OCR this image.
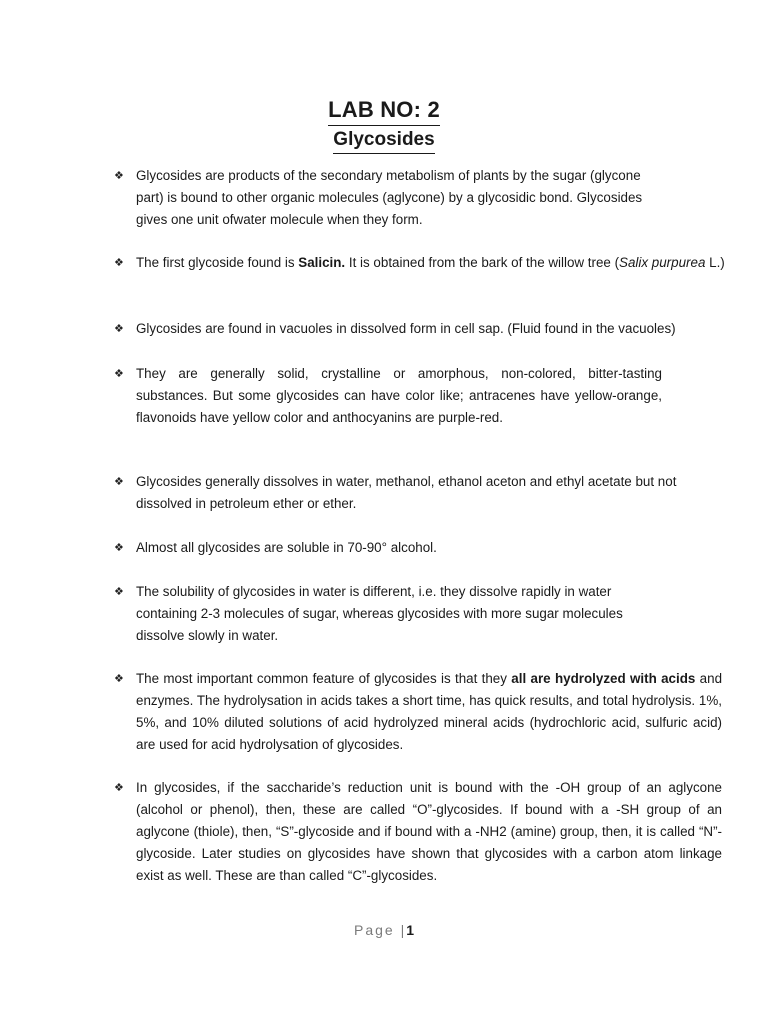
LAB NO: 2
Glycosides
❖ Glycosides are products of the secondary metabolism of plants by the sugar (glycone part) is bound to other organic molecules (aglycone) by a glycosidic bond. Glycosides gives one unit ofwater molecule when they form.
❖ The first glycoside found is Salicin. It is obtained from the bark of the willow tree (Salix purpurea L.)
❖ Glycosides are found in vacuoles in dissolved form in cell sap. (Fluid found in the vacuoles)
❖ They are generally solid, crystalline or amorphous, non-colored, bitter-tasting substances. But some glycosides can have color like; antracenes have yellow-orange, flavonoids have yellow color and anthocyanins are purple-red.
❖ Glycosides generally dissolves in water, methanol, ethanol aceton and ethyl acetate but not dissolved in petroleum ether or ether.
❖ Almost all glycosides are soluble in 70-90° alcohol.
❖ The solubility of glycosides in water is different, i.e. they dissolve rapidly in water containing 2-3 molecules of sugar, whereas glycosides with more sugar molecules dissolve slowly in water.
❖ The most important common feature of glycosides is that they all are hydrolyzed with acids and enzymes. The hydrolysation in acids takes a short time, has quick results, and total hydrolysis. 1%, 5%, and 10% diluted solutions of acid hydrolyzed mineral acids (hydrochloric acid, sulfuric acid) are used for acid hydrolysation of glycosides.
❖ In glycosides, if the saccharide’s reduction unit is bound with the -OH group of an aglycone (alcohol or phenol), then, these are called “O”-glycosides. If bound with a -SH group of an aglycone (thiole), then, “S”-glycoside and if bound with a -NH2 (amine) group, then, it is called “N”-glycoside. Later studies on glycosides have shown that glycosides with a carbon atom linkage exist as well. These are than called “C”-glycosides.
Page |1
